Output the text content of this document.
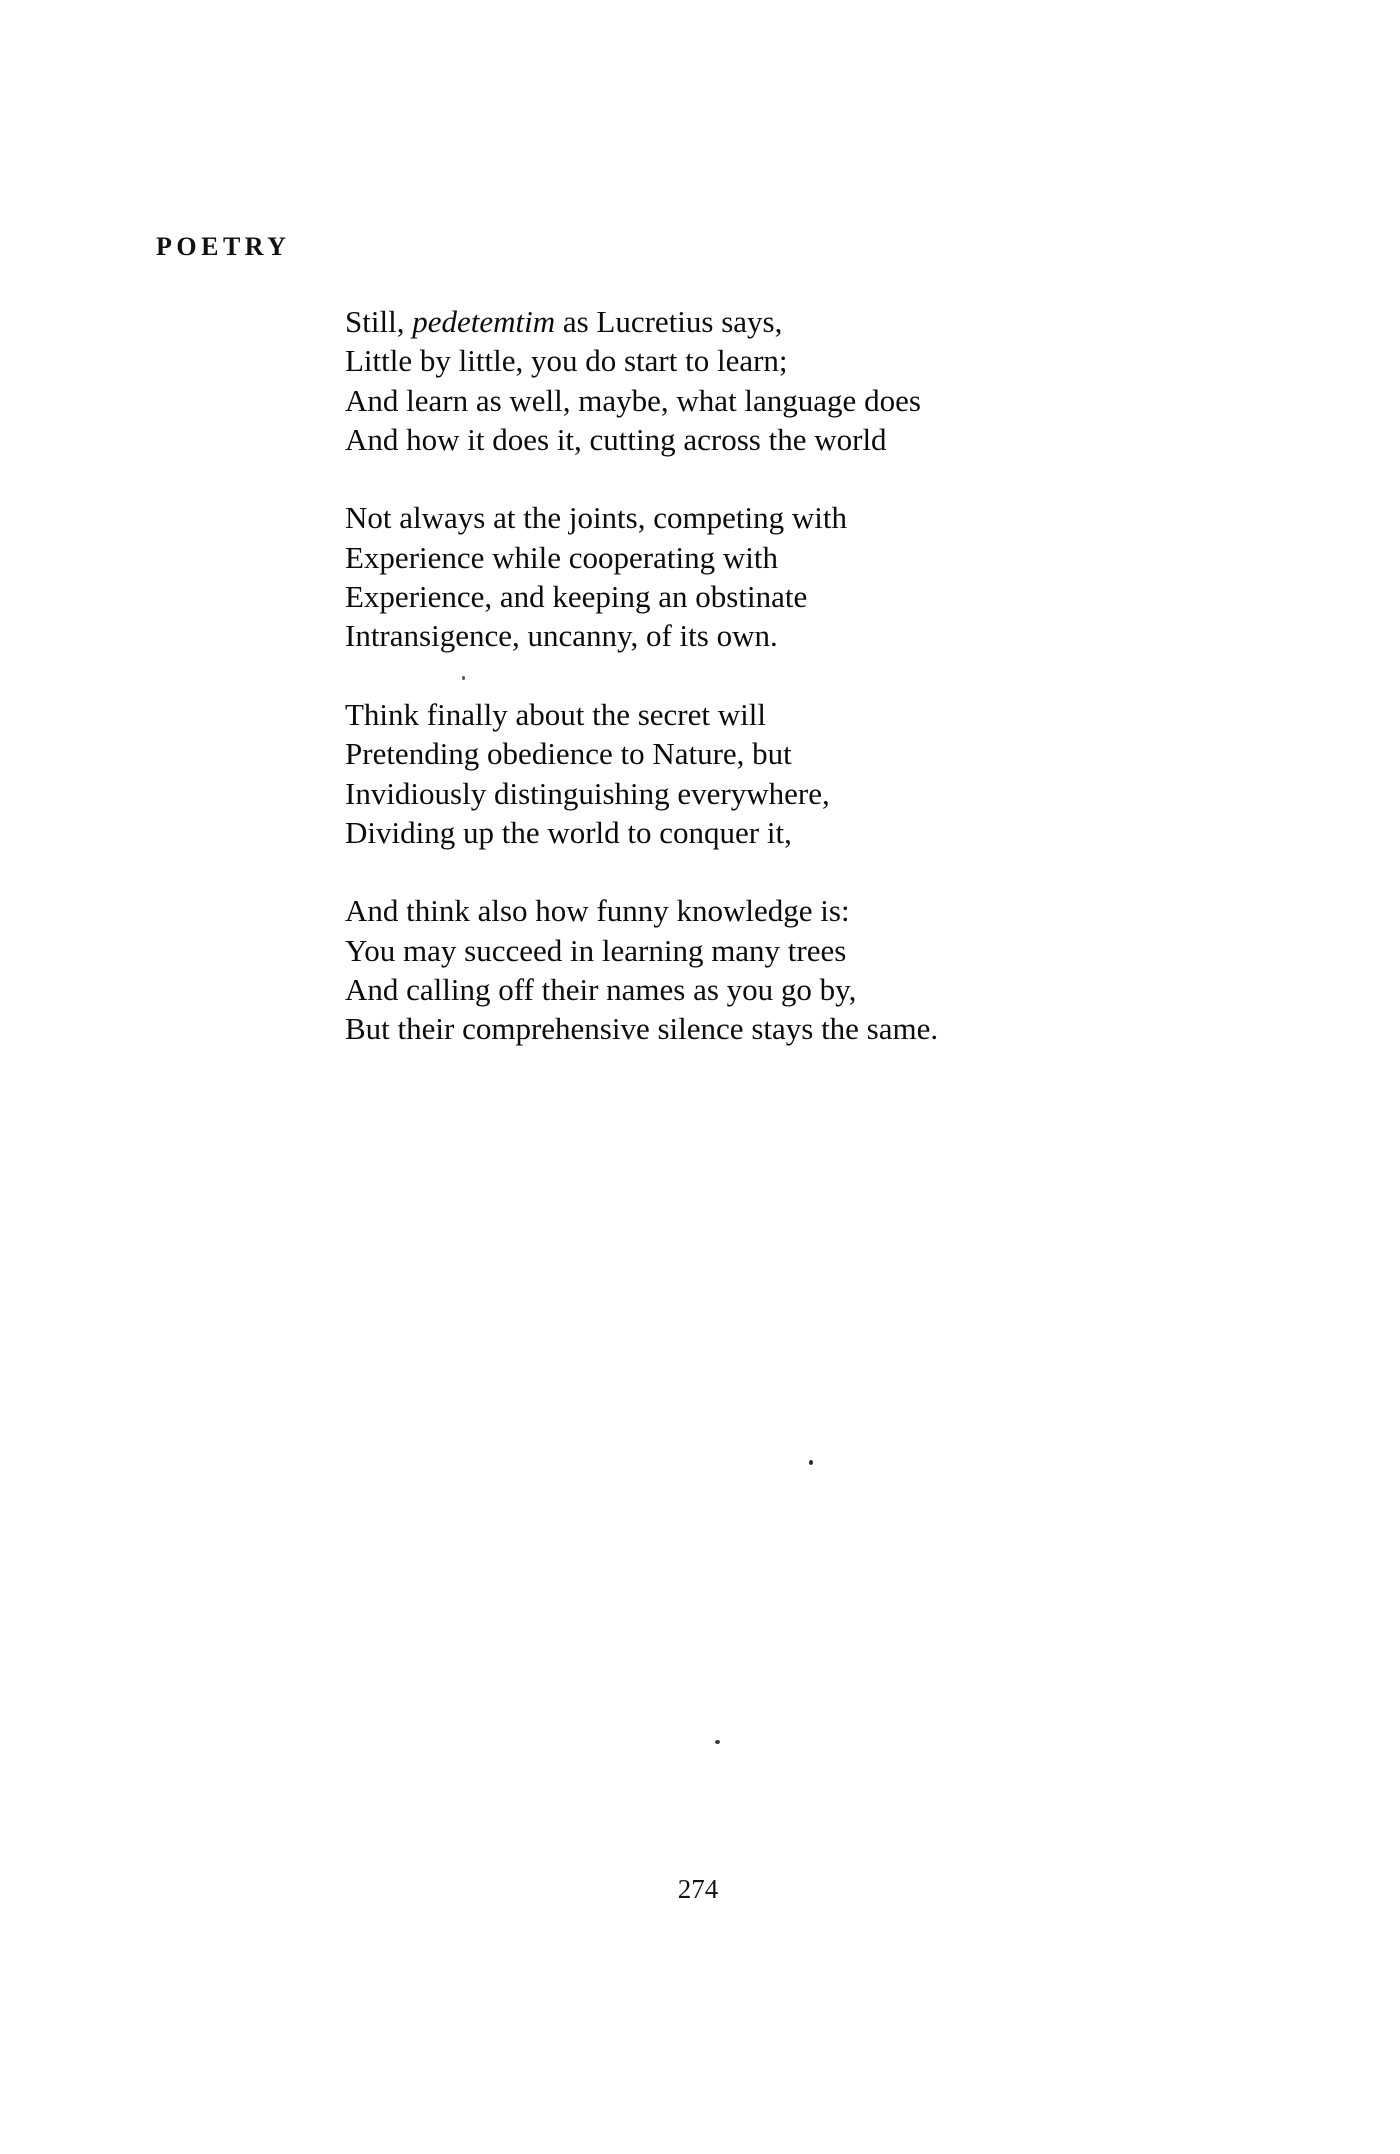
POETRY
Still, pedetemtim as Lucretius says,
Little by little, you do start to learn;
And learn as well, maybe, what language does
And how it does it, cutting across the world
Not always at the joints, competing with
Experience while cooperating with
Experience, and keeping an obstinate
Intransigence, uncanny, of its own.
Think finally about the secret will
Pretending obedience to Nature, but
Invidiously distinguishing everywhere,
Dividing up the world to conquer it,
And think also how funny knowledge is:
You may succeed in learning many trees
And calling off their names as you go by,
But their comprehensive silence stays the same.
274
